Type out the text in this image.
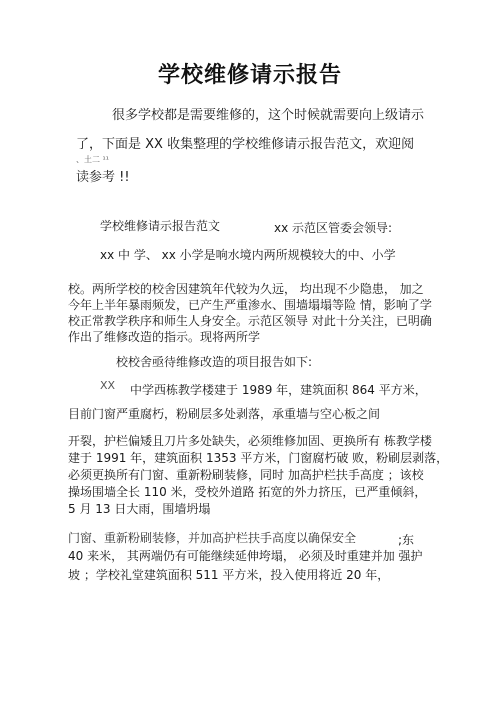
学校维修请示报告

很多学校都是需要维修的，这个时候就需要向上级请示

了，下面是 XX 收集整理的学校维修请示报告范文，欢迎阅

、土二 ¹¹

读参考 !!

学校维修请示报告范文	xx 示范区管委会领导:

xx 中 学、 xx 小学是响水境内两所规模较大的中、小学

校。两所学校的校舍因建筑年代较为久远， 均出现不少隐患， 加之

今年上半年暴雨频发，已产生严重渗水、围墙塌塌等险 情，影响了学

校正常教学秩序和师生人身安全。示范区领导 对此十分关注，已明确

作出了维修改造的指示。现将两所学

校校舍亟待维修改造的项目报告如下:

XX 中学西栋教学楼建于 1989 年，建筑面积 864 平方米，

目前门窗严重腐朽，粉刷层多处剥落，承重墙与空心板之间

开裂，护栏偏矮且刀片多处缺失，必须维修加固、更换所有 栋教学楼

建于 1991 年，建筑面积 1353 平方米，门窗腐朽破 败，粉刷层剥落，

必须更换所有门窗、重新粉刷装修，同时 加高护栏扶手高度 ；该校

操场围墙全长 110 米，受校外道路 拓宽的外力挤压，已严重倾斜，

5 月 13 日大雨，围墙坍塌

门窗、重新粉刷装修，并加高护栏扶手高度以确保安全	;东

40 来米， 其两端仍有可能继续延伸垮塌， 必须及时重建并加 强护

坡 ；学校礼堂建筑面积 511 平方米，投入使用将近 20 年，
